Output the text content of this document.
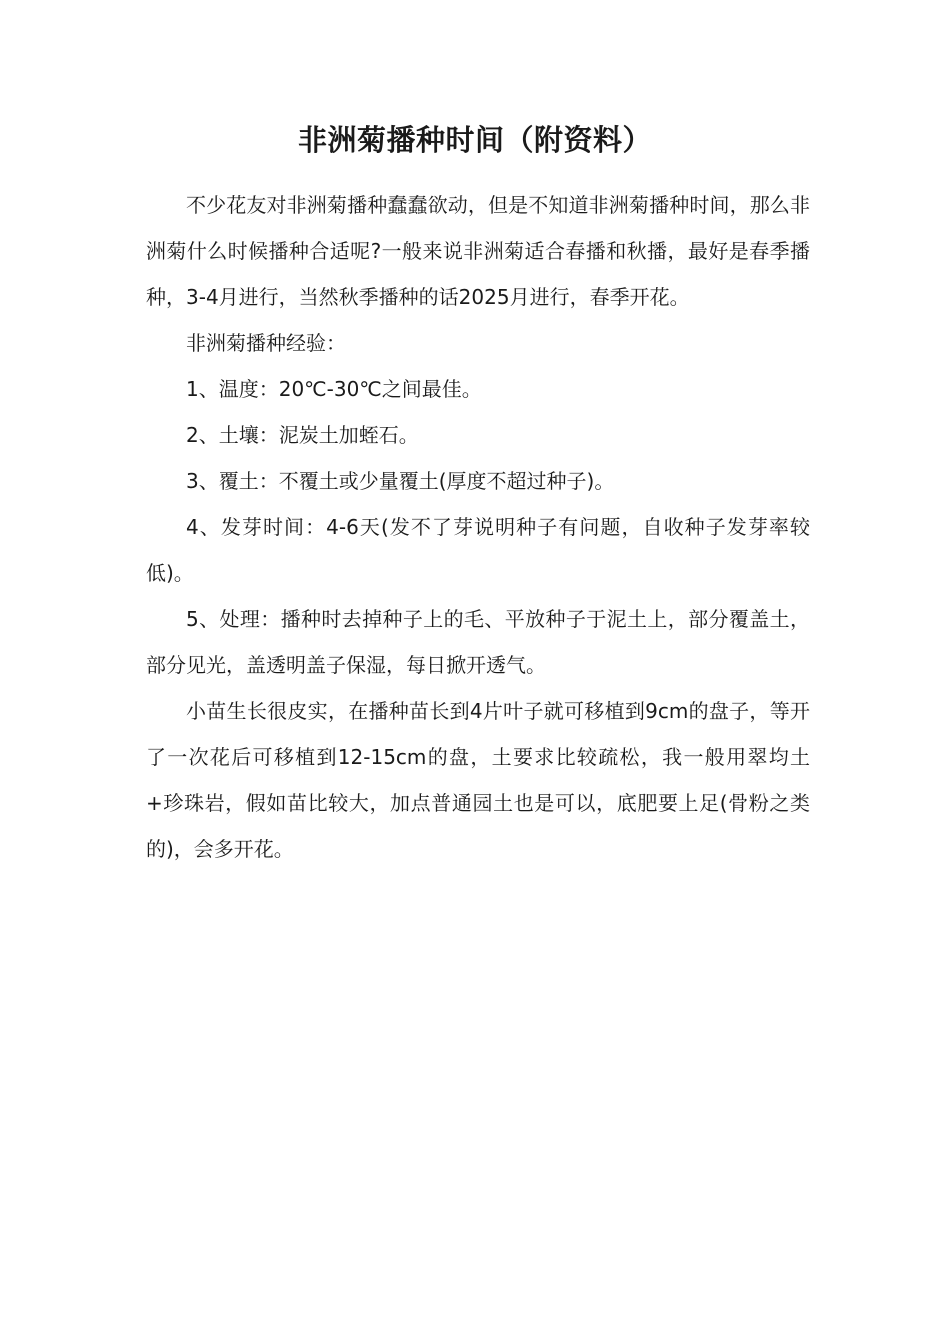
非洲菊播种时间（附资料）

不少花友对非洲菊播种蠢蠢欲动，但是不知道非洲菊播种时间，那么非洲菊什么时候播种合适呢?一般来说非洲菊适合春播和秋播，最好是春季播种，3-4月进行，当然秋季播种的话2025月进行，春季开花。

非洲菊播种经验：

1、温度：20℃-30℃之间最佳。

2、土壤：泥炭土加蛭石。

3、覆土：不覆土或少量覆土(厚度不超过种子)。

4、发芽时间：4-6天(发不了芽说明种子有问题，自收种子发芽率较低)。

5、处理：播种时去掉种子上的毛、平放种子于泥土上，部分覆盖土，部分见光，盖透明盖子保湿，每日掀开透气。

小苗生长很皮实，在播种苗长到4片叶子就可移植到9cm的盘子，等开了一次花后可移植到12-15cm的盘，土要求比较疏松，我一般用翠均土+珍珠岩，假如苗比较大，加点普通园土也是可以，底肥要上足(骨粉之类的)，会多开花。
